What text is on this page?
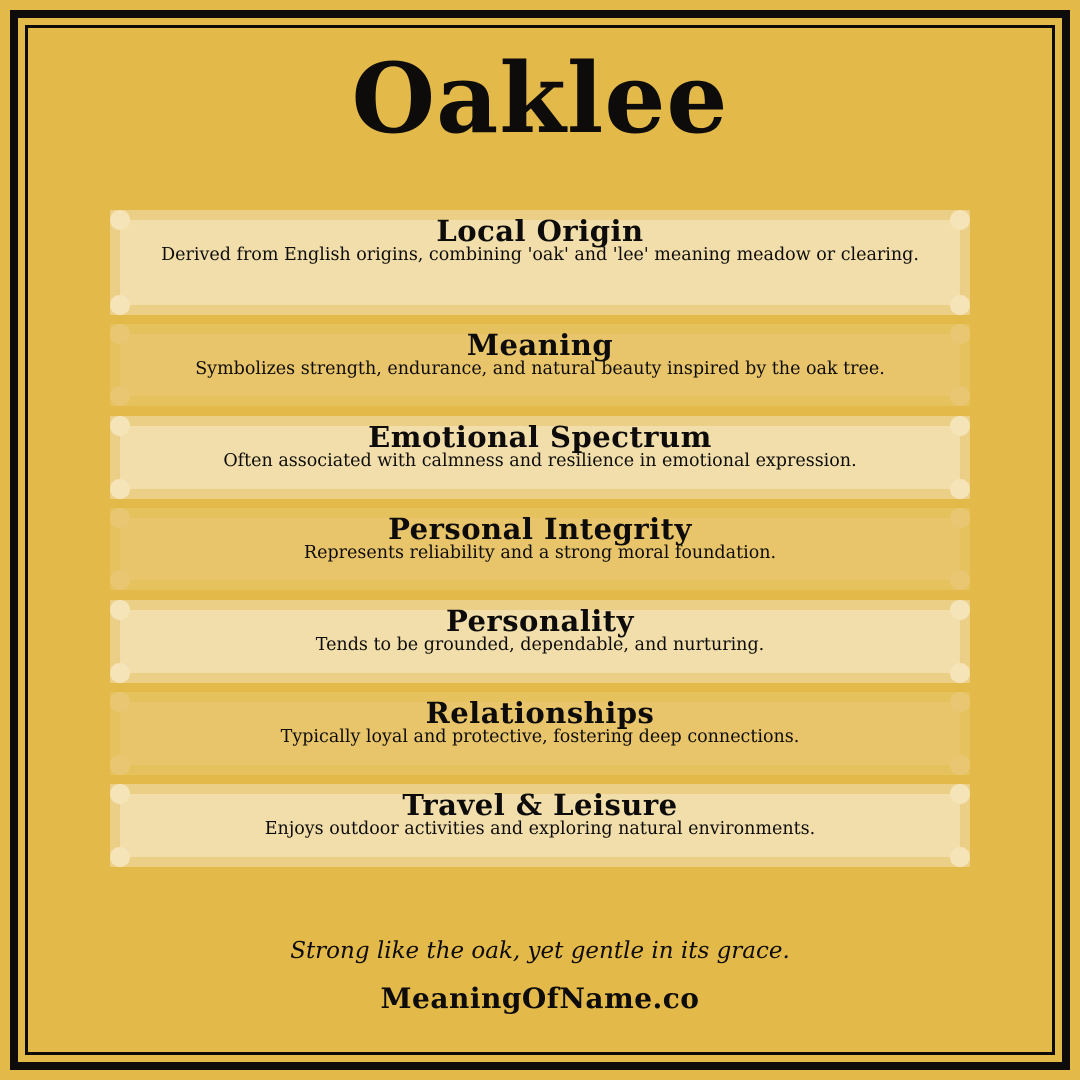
Oaklee
Local Origin
Derived from English origins, combining 'oak' and 'lee' meaning meadow or clearing.
Meaning
Symbolizes strength, endurance, and natural beauty inspired by the oak tree.
Emotional Spectrum
Often associated with calmness and resilience in emotional expression.
Personal Integrity
Represents reliability and a strong moral foundation.
Personality
Tends to be grounded, dependable, and nurturing.
Relationships
Typically loyal and protective, fostering deep connections.
Travel & Leisure
Enjoys outdoor activities and exploring natural environments.
Strong like the oak, yet gentle in its grace.
MeaningOfName.co
